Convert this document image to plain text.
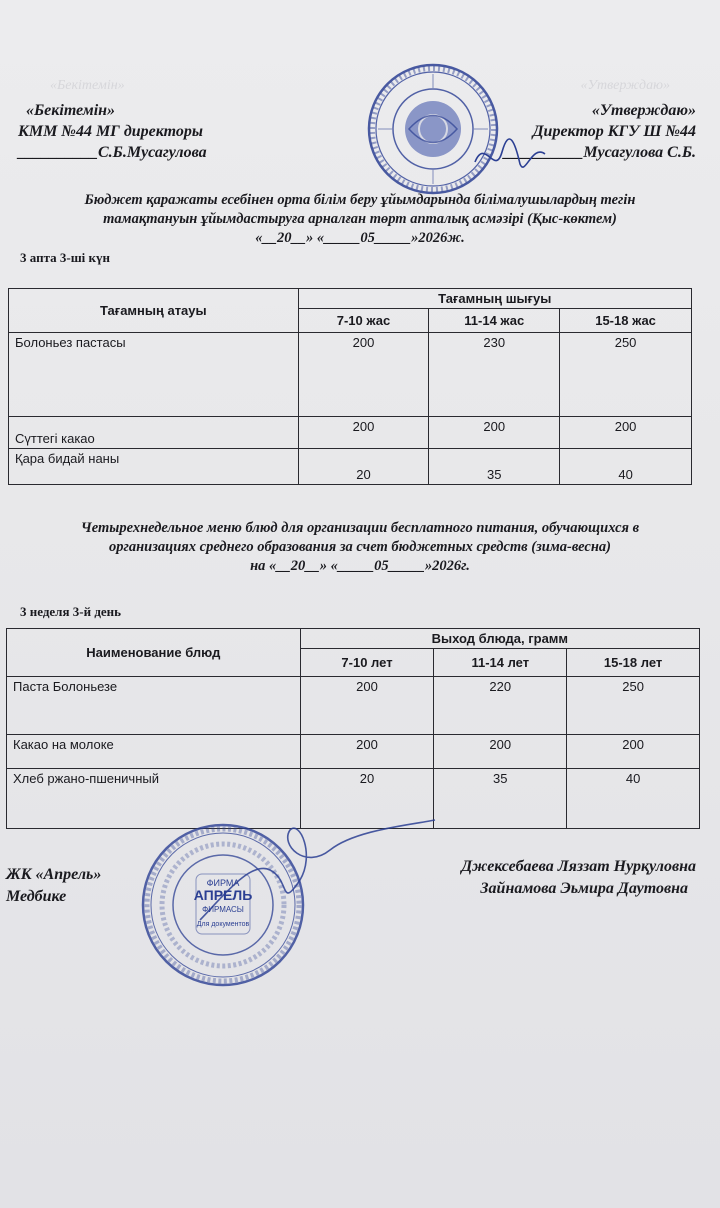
«Бекітемін»	«Утверждаю»
«Бекітемін»
КММ №44 МГ директоры
__________С.Б.Мусагулова
«Утверждаю»
Директор КГУ Ш №44
__________Мусагулова С.Б.
Бюджет қаражаты есебінен орта білім беру ұйымдарында білімалушылардың тегін
тамақтануын ұйымдастыруға арналған төрт апталық асмәзірі (Қыс-көктем)
«__20__» «_____05_____»2026ж.
3 апта 3-ші күн
Тағамның атауы	Тағамның шығуы		
	7-10 жас	11-14 жас	15-18 жас
Болоньез пастасы	200	230	250
Сүттегі какао	200	200	200
Қара бидай наны	20	35	40
Четырехнедельное меню блюд для организации бесплатного питания, обучающихся в
организациях среднего образования за счет бюджетных средств (зима-весна)
на «__20__» «_____05_____»2026г.
3 неделя 3-й день
Наименование блюд	Выход блюда, грамм		
	7-10 лет	11-14 лет	15-18 лет
Паста Болоньезе	200	220	250
Какао на молоке	200	200	200
Хлеб ржано-пшеничный	20	35	40
ЖК «Апрель»
Медбике
Джексебаева Ляззат Нурқуловна
Зайнамова Эьмира Даутовна
ФИРМА
АПРЕЛЬ
ФИРМАСЫ
Для документов
